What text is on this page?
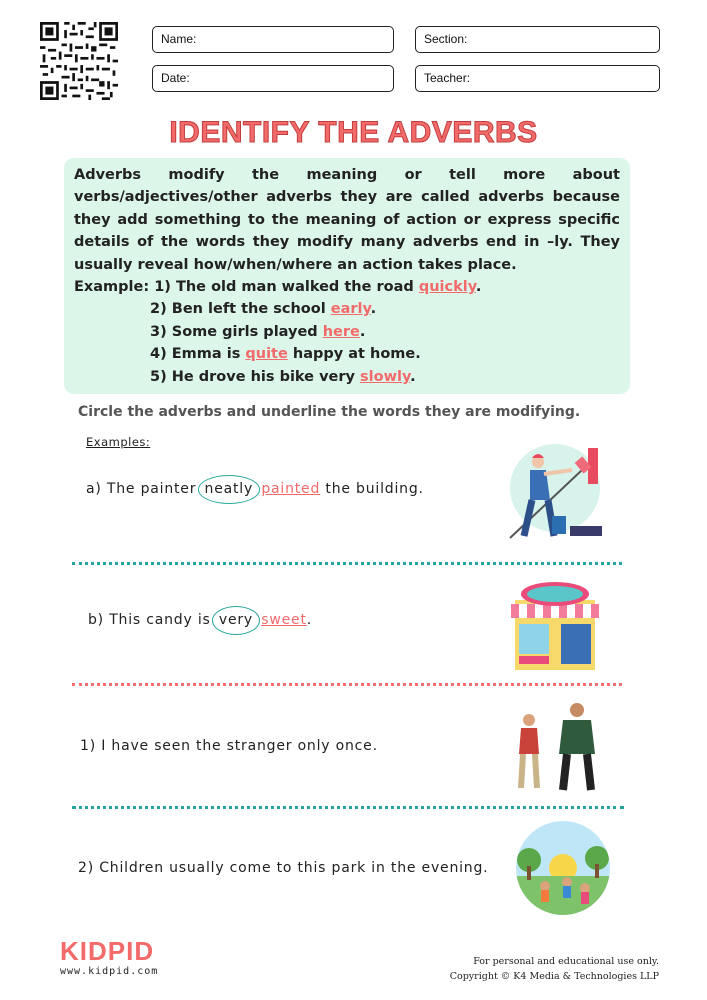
Name:	Section:
Date:	Teacher:
IDENTIFY THE ADVERBS

Adverbs modify the meaning or tell more about verbs/adjectives/other adverbs they are called adverbs because they add something to the meaning of action or express specific details of the words they modify many adverbs end in –ly. They usually reveal how/when/where an action takes place.

Example: 1) The old man walked the road quickly.
2) Ben left the school early.
3) Some girls played here.
4) Emma is quite happy at home.
5) He drove his bike very slowly.
Circle the adverbs and underline the words they are modifying.
Examples:
a) The painter neatly painted the building.
b) This candy is very sweet.
1) I have seen the stranger only once.
2) Children usually come to this park in the evening.
KIDPID
www.kidpid.com
For personal and educational use only.
Copyright © K4 Media & Technologies LLP
